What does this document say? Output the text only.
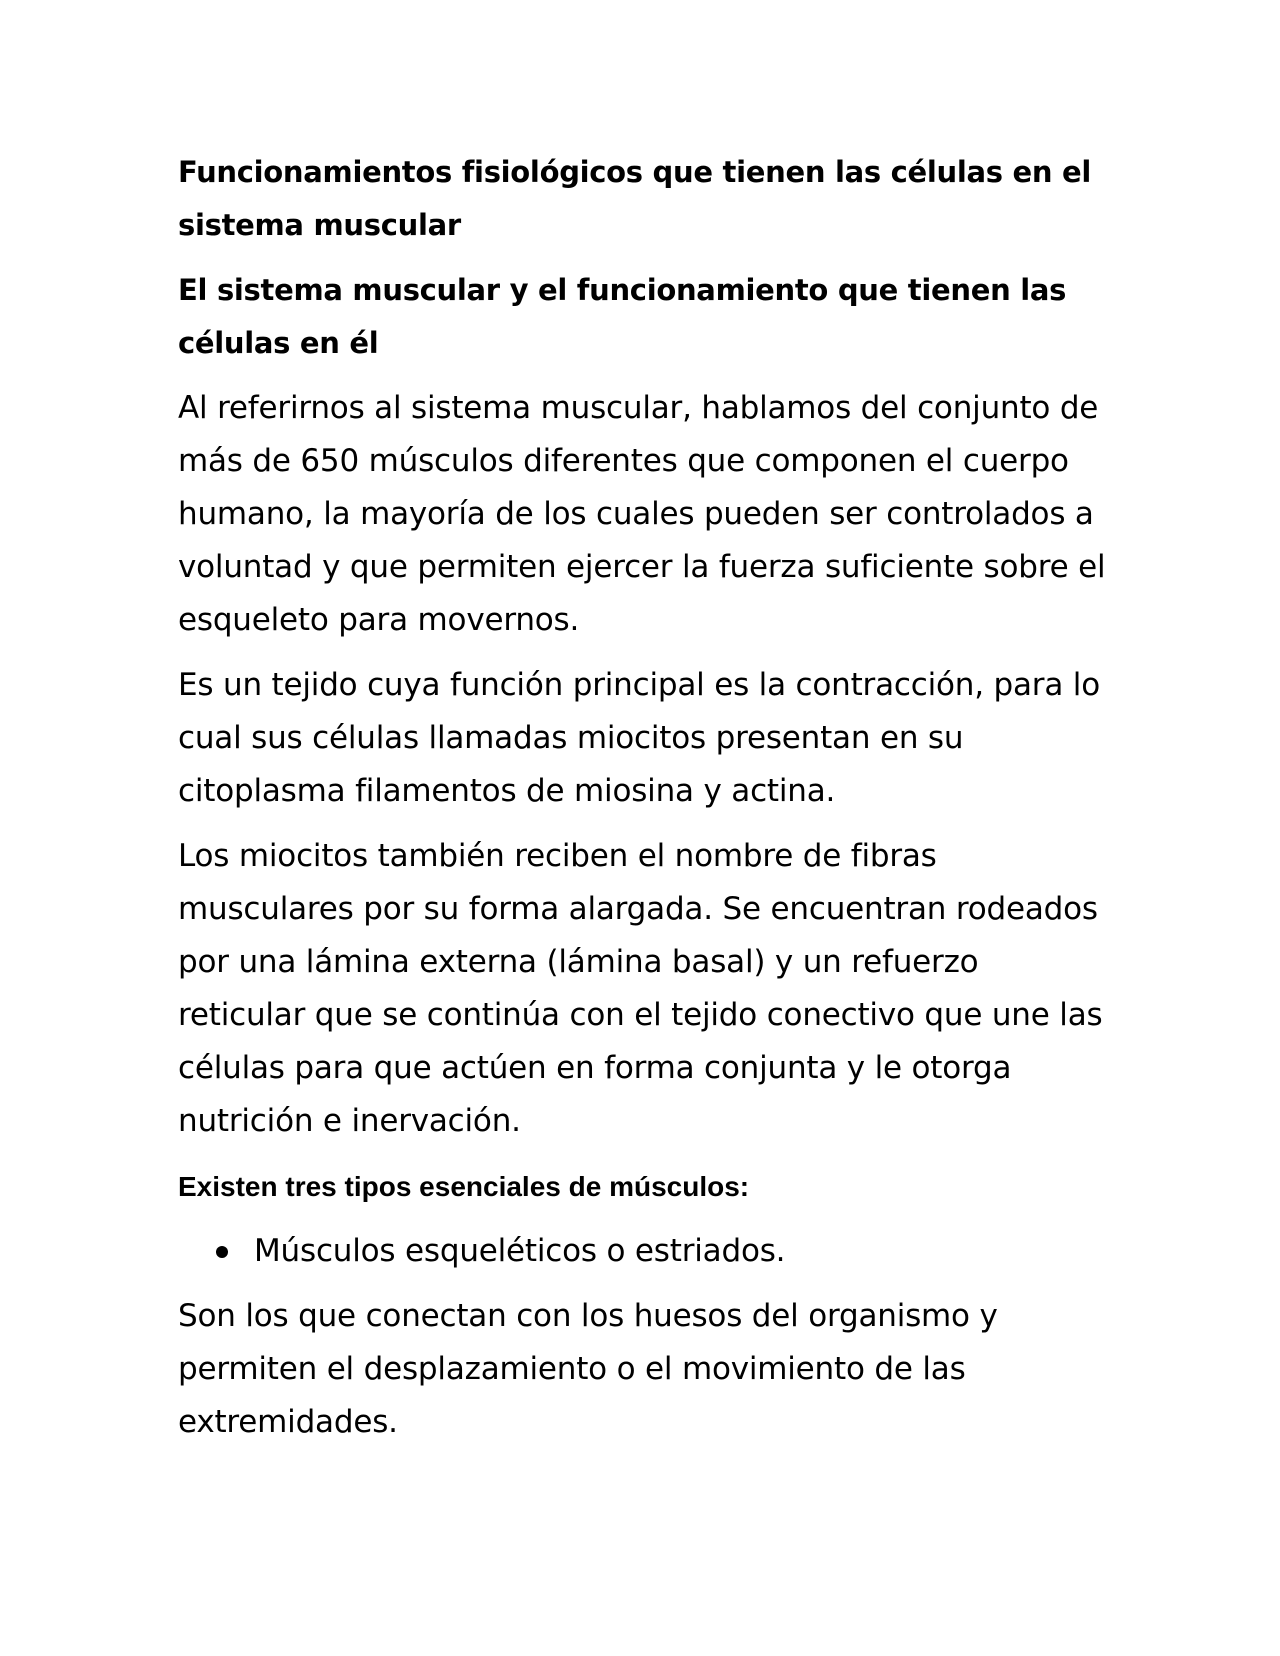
Funcionamientos fisiológicos que tienen las células en el sistema muscular
El sistema muscular y el funcionamiento que tienen las células en él

Al referirnos al sistema muscular, hablamos del conjunto de más de 650 músculos diferentes que componen el cuerpo humano, la mayoría de los cuales pueden ser controlados a voluntad y que permiten ejercer la fuerza suficiente sobre el esqueleto para movernos.

Es un tejido cuya función principal es la contracción, para lo cual sus células llamadas miocitos presentan en su citoplasma filamentos de miosina y actina.

Los miocitos también reciben el nombre de fibras musculares por su forma alargada. Se encuentran rodeados por una lámina externa (lámina basal) y un refuerzo reticular que se continúa con el tejido conectivo que une las células para que actúen en forma conjunta y le otorga nutrición e inervación.

Existen tres tipos esenciales de músculos:

Músculos esqueléticos o estriados.

Son los que conectan con los huesos del organismo y permiten el desplazamiento o el movimiento de las extremidades.
